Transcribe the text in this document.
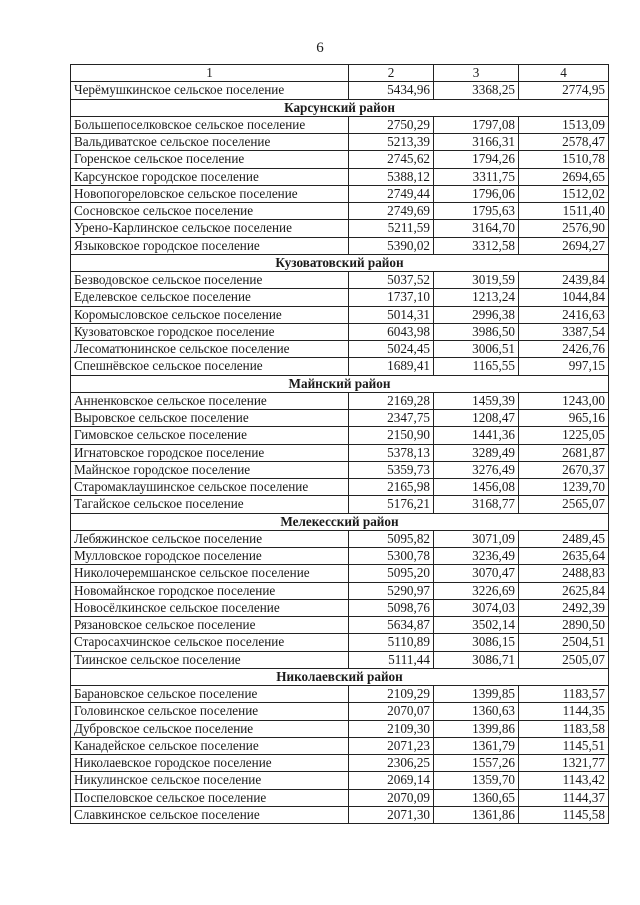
6
1	2	3	4
Черёмушкинское сельское поселение	5434,96	3368,25	2774,95
Карсунский район			
Большепоселковское сельское поселение	2750,29	1797,08	1513,09
Вальдиватское сельское поселение	5213,39	3166,31	2578,47
Горенское сельское поселение	2745,62	1794,26	1510,78
Карсунское городское поселение	5388,12	3311,75	2694,65
Новопогореловское сельское поселение	2749,44	1796,06	1512,02
Сосновское сельское поселение	2749,69	1795,63	1511,40
Урено-Карлинское сельское поселение	5211,59	3164,70	2576,90
Языковское городское поселение	5390,02	3312,58	2694,27
Кузоватовский район			
Безводовское сельское поселение	5037,52	3019,59	2439,84
Еделевское сельское поселение	1737,10	1213,24	1044,84
Коромысловское сельское поселение	5014,31	2996,38	2416,63
Кузоватовское городское поселение	6043,98	3986,50	3387,54
Лесоматюнинское сельское поселение	5024,45	3006,51	2426,76
Спешнёвское сельское поселение	1689,41	1165,55	997,15
Майнский район			
Анненковское сельское поселение	2169,28	1459,39	1243,00
Выровское сельское поселение	2347,75	1208,47	965,16
Гимовское сельское поселение	2150,90	1441,36	1225,05
Игнатовское городское поселение	5378,13	3289,49	2681,87
Майнское городское поселение	5359,73	3276,49	2670,37
Старомаклаушинское сельское поселение	2165,98	1456,08	1239,70
Тагайское сельское поселение	5176,21	3168,77	2565,07
Мелекесский район			
Лебяжинское сельское поселение	5095,82	3071,09	2489,45
Мулловское городское поселение	5300,78	3236,49	2635,64
Николочеремшанское сельское поселение	5095,20	3070,47	2488,83
Новомайнское городское поселение	5290,97	3226,69	2625,84
Новосёлкинское сельское поселение	5098,76	3074,03	2492,39
Рязановское сельское поселение	5634,87	3502,14	2890,50
Старосахчинское сельское поселение	5110,89	3086,15	2504,51
Тиинское сельское поселение	5111,44	3086,71	2505,07
Николаевский район			
Барановское сельское поселение	2109,29	1399,85	1183,57
Головинское сельское поселение	2070,07	1360,63	1144,35
Дубровское сельское поселение	2109,30	1399,86	1183,58
Канадейское сельское поселение	2071,23	1361,79	1145,51
Николаевское городское поселение	2306,25	1557,26	1321,77
Никулинское сельское поселение	2069,14	1359,70	1143,42
Поспеловское сельское поселение	2070,09	1360,65	1144,37
Славкинское сельское поселение	2071,30	1361,86	1145,58
